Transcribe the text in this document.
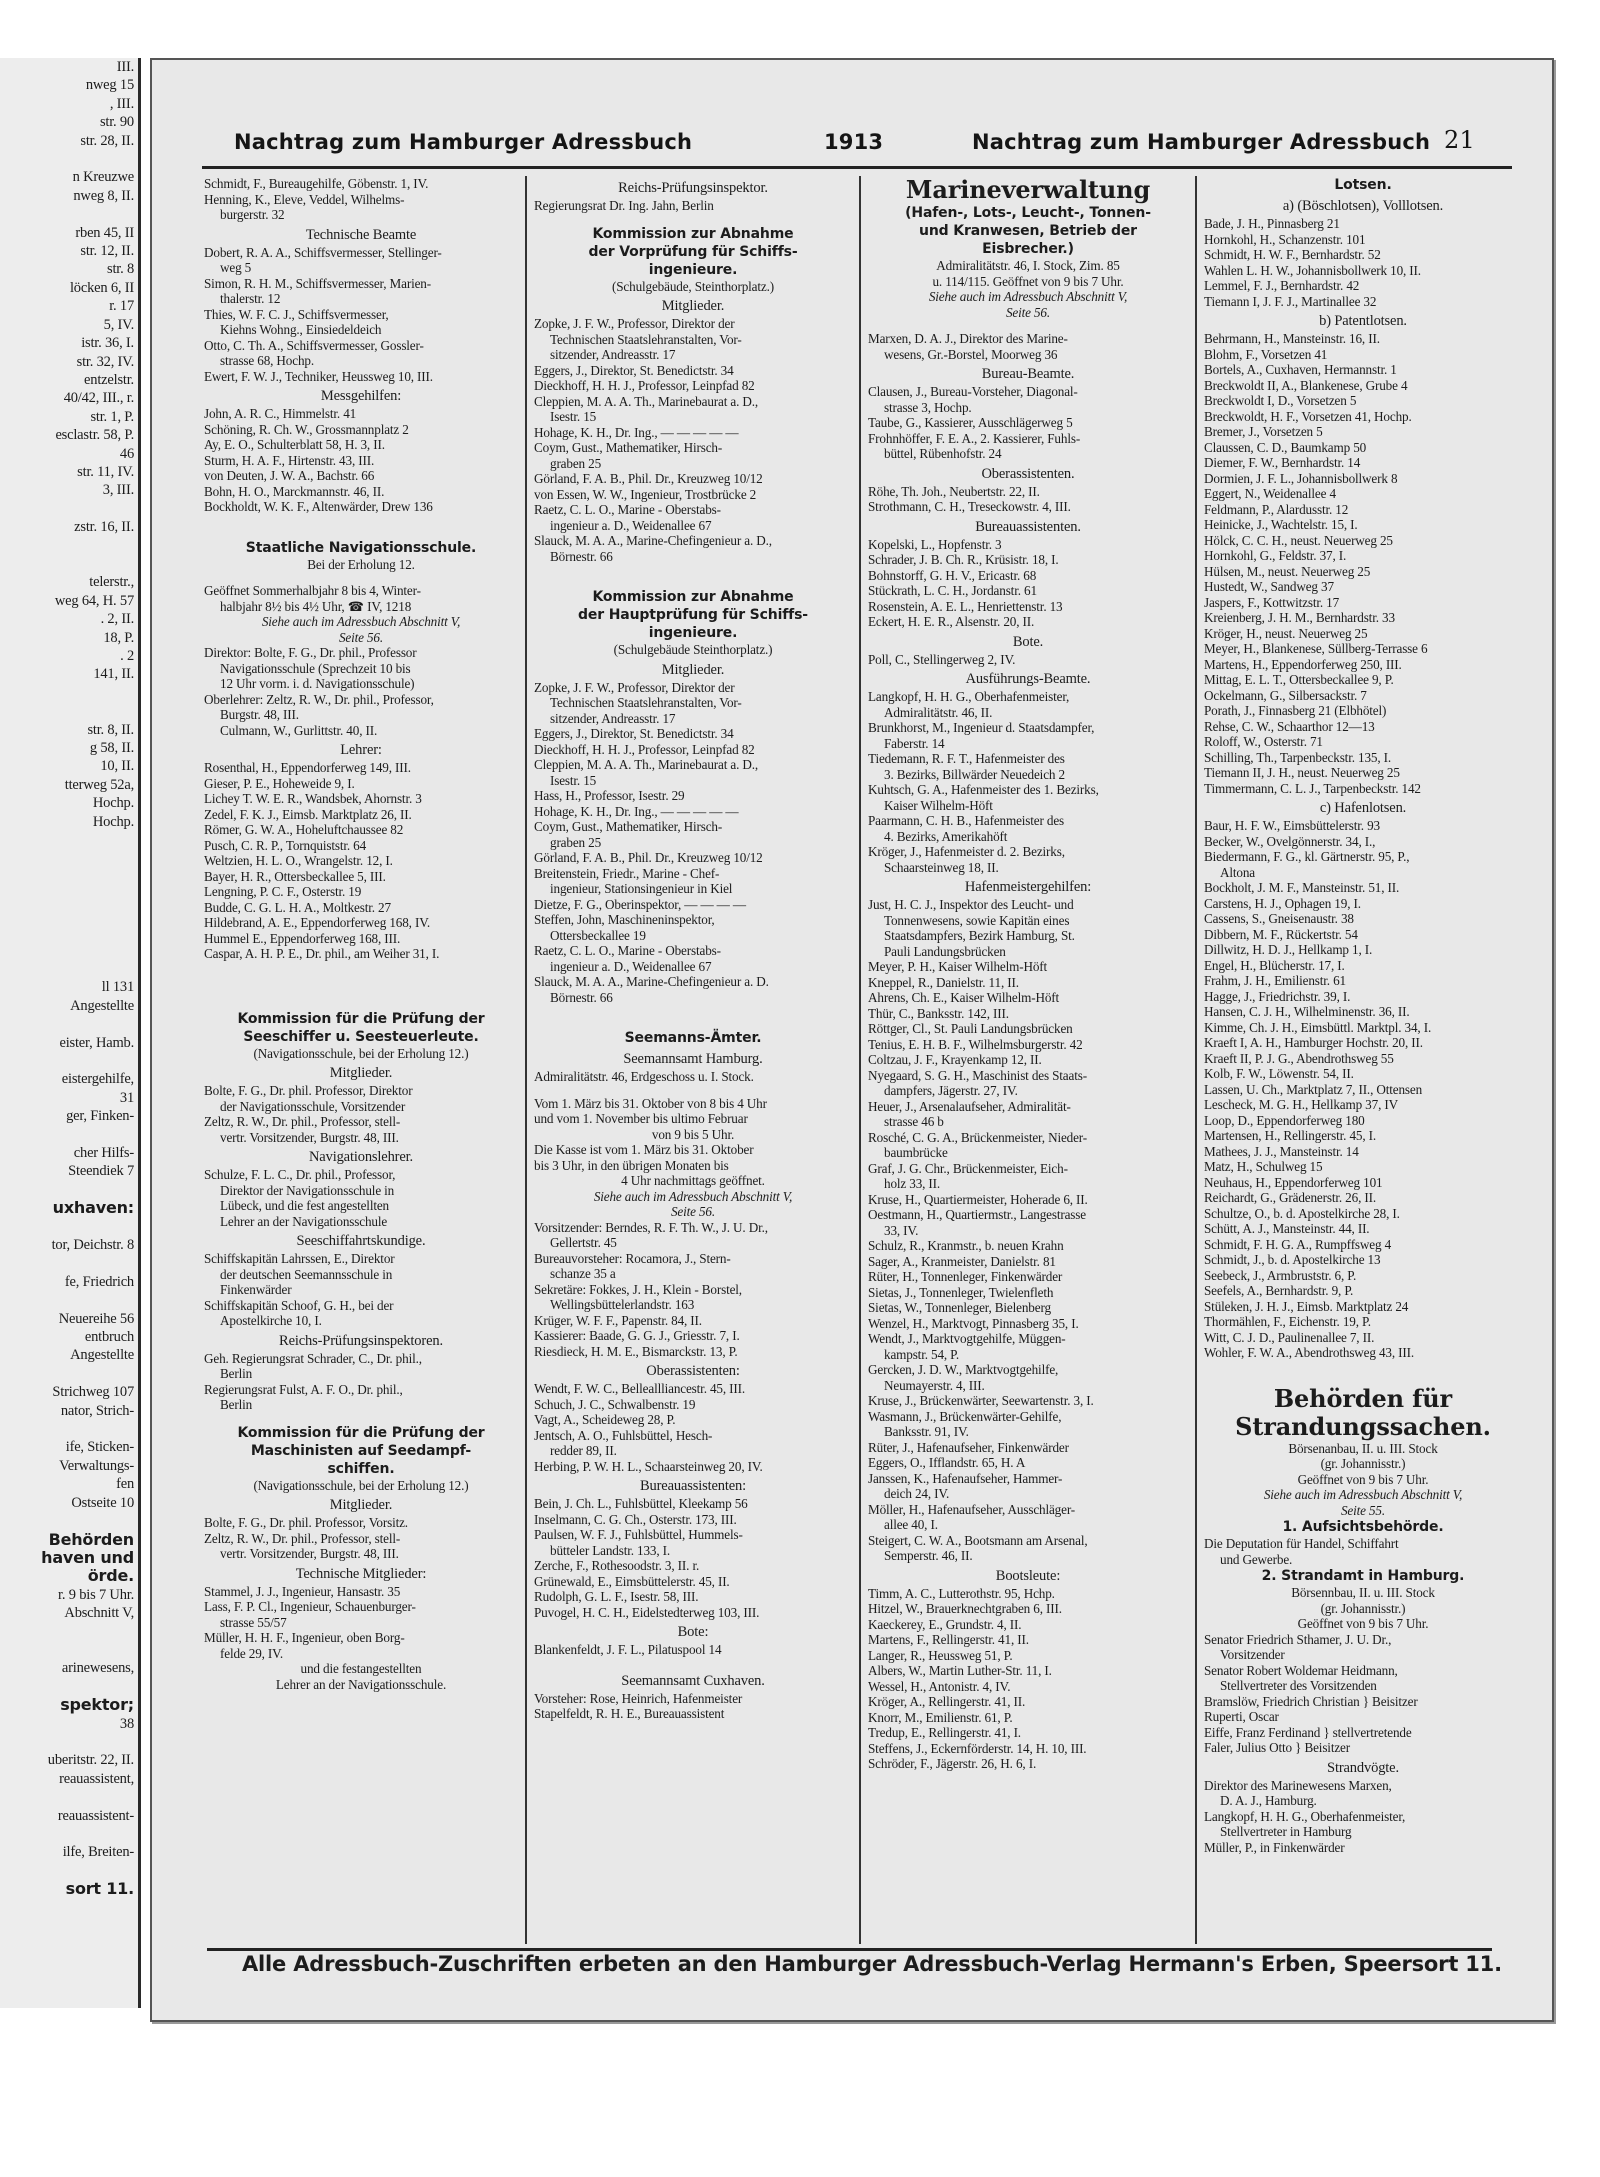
III.
nweg 15
, III.
str. 90
str. 28, II.

n Kreuzwe
nweg 8, II.

rben 45, II
str. 12, II.
str. 8
löcken 6, II
r. 17
5, IV.
istr. 36, I.
str. 32, IV.
entzelstr.
40/42, III., r.
str. 1, P.
esclastr. 58, P.
46
str. 11, IV.
3, III.

zstr. 16, II.

telerstr.,
weg 64, H. 57
. 2, II.
18, P.
. 2
141, II.

str. 8, II.
g 58, II.
10, II.
tterweg 52a,
Hochp.
Hochp.

ll 131
Angestellte

eister, Hamb.

eistergehilfe,
31
ger, Finken-

cher Hilfs-
Steendiek 7

uxhaven:

tor, Deichstr. 8

fe, Friedrich

Neuereihe 56
entbruch
Angestellte

Strichweg 107
nator, Strich-

ife, Sticken-
Verwaltungs-
fen
Ostseite 10

Behörden
haven und
örde.
r. 9 bis 7 Uhr.
Abschnitt V,

arinewesens,

spektor;
38

uberitstr. 22, II.
reauassistent,

reauassistent-

ilfe, Breiten-

sort 11.
Nachtrag zum Hamburger Adressbuch	1913	Nachtrag zum Hamburger Adressbuch 21
Schmidt, F., Bureaugehilfe, Göbenstr. 1, IV.
Henning, K., Eleve, Veddel, Wilhelms-
burgerstr. 32
Technische Beamte
Dobert, R. A. A., Schiffsvermesser, Stellinger-
weg 5
Simon, R. H. M., Schiffsvermesser, Marien-
thalerstr. 12
Thies, W. F. C. J., Schiffsvermesser,
Kiehns Wohng., Einsiedeldeich
Otto, C. Th. A., Schiffsvermesser, Gossler-
strasse 68, Hochp.
Ewert, F. W. J., Techniker, Heussweg 10, III.
Messgehilfen:
John, A. R. C., Himmelstr. 41
Schöning, R. Ch. W., Grossmannplatz 2
Ay, E. O., Schulterblatt 58, H. 3, II.
Sturm, H. A. F., Hirtenstr. 43, III.
von Deuten, J. W. A., Bachstr. 66
Bohn, H. O., Marckmannstr. 46, II.
Bockholdt, W. K. F., Altenwärder, Drew 136
Staatliche Navigationsschule.
Bei der Erholung 12.
Geöffnet Sommerhalbjahr 8 bis 4, Winter-
halbjahr 8½ bis 4½ Uhr, ☎ IV, 1218
Siehe auch im Adressbuch Abschnitt V,
Seite 56.
Direktor: Bolte, F. G., Dr. phil., Professor
Navigationsschule (Sprechzeit 10 bis
12 Uhr vorm. i. d. Navigationsschule)
Oberlehrer: Zeltz, R. W., Dr. phil., Professor,
Burgstr. 48, III.
Culmann, W., Gurlittstr. 40, II.
Lehrer:
Rosenthal, H., Eppendorferweg 149, III.
Gieser, P. E., Hoheweide 9, I.
Lichey T. W. E. R., Wandsbek, Ahornstr. 3
Zedel, F. K. J., Eimsb. Marktplatz 26, II.
Römer, G. W. A., Hoheluftchaussee 82
Pusch, C. R. P., Tornquiststr. 64
Weltzien, H. L. O., Wrangelstr. 12, I.
Bayer, H. R., Ottersbeckallee 5, III.
Lengning, P. C. F., Osterstr. 19
Budde, C. G. L. H. A., Moltkestr. 27
Hildebrand, A. E., Eppendorferweg 168, IV.
Hummel E., Eppendorferweg 168, III.
Caspar, A. H. P. E., Dr. phil., am Weiher 31, I.
Kommission für die Prüfung der
Seeschiffer u. Seesteuerleute.
(Navigationsschule, bei der Erholung 12.)
Mitglieder.
Bolte, F. G., Dr. phil. Professor, Direktor
der Navigationsschule, Vorsitzender
Zeltz, R. W., Dr. phil., Professor, stell-
vertr. Vorsitzender, Burgstr. 48, III.
Navigationslehrer.
Schulze, F. L. C., Dr. phil., Professor,
Direktor der Navigationsschule in
Lübeck, und die fest angestellten
Lehrer an der Navigationsschule
Seeschiffahrtskundige.
Schiffskapitän Lahrssen, E., Direktor
der deutschen Seemannsschule in
Finkenwärder
Schiffskapitän Schoof, G. H., bei der
Apostelkirche 10, I.
Reichs-Prüfungsinspektoren.
Geh. Regierungsrat Schrader, C., Dr. phil.,
Berlin
Regierungsrat Fulst, A. F. O., Dr. phil.,
Berlin
Kommission für die Prüfung der
Maschinisten auf Seedampf-
schiffen.
(Navigationsschule, bei der Erholung 12.)
Mitglieder.
Bolte, F. G., Dr. phil. Professor, Vorsitz.
Zeltz, R. W., Dr. phil., Professor, stell-
vertr. Vorsitzender, Burgstr. 48, III.
Technische Mitglieder:
Stammel, J. J., Ingenieur, Hansastr. 35
Lass, F. P. Cl., Ingenieur, Schauenburger-
strasse 55/57
Müller, H. H. F., Ingenieur, oben Borg-
felde 29, IV.
und die festangestellten
Lehrer an der Navigationsschule.
Reichs-Prüfungsinspektor.
Regierungsrat Dr. Ing. Jahn, Berlin
Kommission zur Abnahme
der Vorprüfung für Schiffs-
ingenieure.
(Schulgebäude, Steinthorplatz.)
Mitglieder.
Zopke, J. F. W., Professor, Direktor der
Technischen Staatslehranstalten, Vor-
sitzender, Andreasstr. 17
Eggers, J., Direktor, St. Benedictstr. 34
Dieckhoff, H. H. J., Professor, Leinpfad 82
Cleppien, M. A. A. Th., Marinebaurat a. D.,
Isestr. 15
Hohage, K. H., Dr. Ing., — — — — —
Coym, Gust., Mathematiker, Hirsch-
graben 25
Görland, F. A. B., Phil. Dr., Kreuzweg 10/12
von Essen, W. W., Ingenieur, Trostbrücke 2
Raetz, C. L. O., Marine - Oberstabs-
ingenieur a. D., Weidenallee 67
Slauck, M. A. A., Marine-Chefingenieur a. D.,
Börnestr. 66
Kommission zur Abnahme
der Hauptprüfung für Schiffs-
ingenieure.
(Schulgebäude Steinthorplatz.)
Mitglieder.
Zopke, J. F. W., Professor, Direktor der
Technischen Staatslehranstalten, Vor-
sitzender, Andreasstr. 17
Eggers, J., Direktor, St. Benedictstr. 34
Dieckhoff, H. H. J., Professor, Leinpfad 82
Cleppien, M. A. A. Th., Marinebaurat a. D.,
Isestr. 15
Hass, H., Professor, Isestr. 29
Hohage, K. H., Dr. Ing., — — — — —
Coym, Gust., Mathematiker, Hirsch-
graben 25
Görland, F. A. B., Phil. Dr., Kreuzweg 10/12
Breitenstein, Friedr., Marine - Chef-
ingenieur, Stationsingenieur in Kiel
Dietze, F. G., Oberinspektor, — — — —
Steffen, John, Maschineninspektor,
Ottersbeckallee 19
Raetz, C. L. O., Marine - Oberstabs-
ingenieur a. D., Weidenallee 67
Slauck, M. A. A., Marine-Chefingenieur a. D.
Börnestr. 66
Seemanns-Ämter.
Seemannsamt Hamburg.
Admiralitätstr. 46, Erdgeschoss u. I. Stock.
Vom 1. März bis 31. Oktober von 8 bis 4 Uhr
und vom 1. November bis ultimo Februar
von 9 bis 5 Uhr.
Die Kasse ist vom 1. März bis 31. Oktober
bis 3 Uhr, in den übrigen Monaten bis
4 Uhr nachmittags geöffnet.
Siehe auch im Adressbuch Abschnitt V,
Seite 56.
Vorsitzender: Berndes, R. F. Th. W., J. U. Dr.,
Gellertstr. 45
Bureauvorsteher: Rocamora, J., Stern-
schanze 35 a
Sekretäre: Fokkes, J. H., Klein - Borstel,
Wellingsbüttelerlandstr. 163
Krüger, W. F. F., Papenstr. 84, II.
Kassierer: Baade, G. G. J., Griesstr. 7, I.
Riesdieck, H. M. E., Bismarckstr. 13, P.
Oberassistenten:
Wendt, F. W. C., Belleallliancestr. 45, III.
Schuch, J. C., Schwalbenstr. 19
Vagt, A., Scheideweg 28, P.
Jentsch, A. O., Fuhlsbüttel, Hesch-
redder 89, II.
Herbing, P. W. H. L., Schaarsteinweg 20, IV.
Bureauassistenten:
Bein, J. Ch. L., Fuhlsbüttel, Kleekamp 56
Inselmann, C. G. Ch., Osterstr. 173, III.
Paulsen, W. F. J., Fuhlsbüttel, Hummels-
bütteler Landstr. 133, I.
Zerche, F., Rothesoodstr. 3, II. r.
Grünewald, E., Eimsbüttelerstr. 45, II.
Rudolph, G. L. F., Isestr. 58, III.
Puvogel, H. C. H., Eidelstedterweg 103, III.
Bote:
Blankenfeldt, J. F. L., Pilatuspool 14
Seemannsamt Cuxhaven.
Vorsteher: Rose, Heinrich, Hafenmeister
Stapelfeldt, R. H. E., Bureauassistent
Marineverwaltung
(Hafen-, Lots-, Leucht-, Tonnen-
und Kranwesen, Betrieb der
Eisbrecher.)
Admiralitätstr. 46, I. Stock, Zim. 85
u. 114/115. Geöffnet von 9 bis 7 Uhr.
Siehe auch im Adressbuch Abschnitt V,
Seite 56.
Marxen, D. A. J., Direktor des Marine-
wesens, Gr.-Borstel, Moorweg 36
Bureau-Beamte.
Clausen, J., Bureau-Vorsteher, Diagonal-
strasse 3, Hochp.
Taube, G., Kassierer, Ausschlägerweg 5
Frohnhöffer, F. E. A., 2. Kassierer, Fuhls-
büttel, Rübenhofstr. 24
Oberassistenten.
Röhe, Th. Joh., Neubertstr. 22, II.
Strothmann, C. H., Treseckowstr. 4, III.
Bureauassistenten.
Kopelski, L., Hopfenstr. 3
Schrader, J. B. Ch. R., Krüsistr. 18, I.
Bohnstorff, G. H. V., Ericastr. 68
Stückrath, L. C. H., Jordanstr. 61
Rosenstein, A. E. L., Henriettenstr. 13
Eckert, H. E. R., Alsenstr. 20, II.
Bote.
Poll, C., Stellingerweg 2, IV.
Ausführungs-Beamte.
Langkopf, H. H. G., Oberhafenmeister,
Admiralitätstr. 46, II.
Brunkhorst, M., Ingenieur d. Staatsdampfer,
Faberstr. 14
Tiedemann, R. F. T., Hafenmeister des
3. Bezirks, Billwärder Neuedeich 2
Kuhtsch, G. A., Hafenmeister des 1. Bezirks,
Kaiser Wilhelm-Höft
Paarmann, C. H. B., Hafenmeister des
4. Bezirks, Amerikahöft
Kröger, J., Hafenmeister d. 2. Bezirks,
Schaarsteinweg 18, II.
Hafenmeistergehilfen:
Just, H. C. J., Inspektor des Leucht- und
Tonnenwesens, sowie Kapitän eines
Staatsdampfers, Bezirk Hamburg, St.
Pauli Landungsbrücken
Meyer, P. H., Kaiser Wilhelm-Höft
Kneppel, R., Danielstr. 11, II.
Ahrens, Ch. E., Kaiser Wilhelm-Höft
Thür, C., Banksstr. 142, III.
Röttger, Cl., St. Pauli Landungsbrücken
Tenius, E. H. B. F., Wilhelmsburgerstr. 42
Coltzau, J. F., Krayenkamp 12, II.
Nyegaard, S. G. H., Maschinist des Staats-
dampfers, Jägerstr. 27, IV.
Heuer, J., Arsenalaufseher, Admiralität-
strasse 46 b
Rosché, C. G. A., Brückenmeister, Nieder-
baumbrücke
Graf, J. G. Chr., Brückenmeister, Eich-
holz 33, II.
Kruse, H., Quartiermeister, Hoherade 6, II.
Oestmann, H., Quartiermstr., Langestrasse
33, IV.
Schulz, R., Kranmstr., b. neuen Krahn
Sager, A., Kranmeister, Danielstr. 81
Rüter, H., Tonnenleger, Finkenwärder
Sietas, J., Tonnenleger, Twielenfleth
Sietas, W., Tonnenleger, Bielenberg
Wenzel, H., Marktvogt, Pinnasberg 35, I.
Wendt, J., Marktvogtgehilfe, Müggen-
kampstr. 54, P.
Gercken, J. D. W., Marktvogtgehilfe,
Neumayerstr. 4, III.
Kruse, J., Brückenwärter, Seewartenstr. 3, I.
Wasmann, J., Brückenwärter-Gehilfe,
Banksstr. 91, IV.
Rüter, J., Hafenaufseher, Finkenwärder
Eggers, O., Ifflandstr. 65, H. A
Janssen, K., Hafenaufseher, Hammer-
deich 24, IV.
Möller, H., Hafenaufseher, Ausschläger-
allee 40, I.
Steigert, C. W. A., Bootsmann am Arsenal,
Semperstr. 46, II.
Bootsleute:
Timm, A. C., Lutterothstr. 95, Hchp.
Hitzel, W., Brauerknechtgraben 6, III.
Kaeckerey, E., Grundstr. 4, II.
Martens, F., Rellingerstr. 41, II.
Langer, R., Heussweg 51, P.
Albers, W., Martin Luther-Str. 11, I.
Wessel, H., Antonistr. 4, IV.
Kröger, A., Rellingerstr. 41, II.
Knorr, M., Emilienstr. 61, P.
Tredup, E., Rellingerstr. 41, I.
Steffens, J., Eckernförderstr. 14, H. 10, III.
Schröder, F., Jägerstr. 26, H. 6, I.
Lotsen.
a) (Böschlotsen), Volllotsen.
Bade, J. H., Pinnasberg 21
Hornkohl, H., Schanzenstr. 101
Schmidt, H. W. F., Bernhardstr. 52
Wahlen L. H. W., Johannisbollwerk 10, II.
Lemmel, F. J., Bernhardstr. 42
Tiemann I, J. F. J., Martinallee 32
b) Patentlotsen.
Behrmann, H., Mansteinstr. 16, II.
Blohm, F., Vorsetzen 41
Bortels, A., Cuxhaven, Hermannstr. 1
Breckwoldt II, A., Blankenese, Grube 4
Breckwoldt I, D., Vorsetzen 5
Breckwoldt, H. F., Vorsetzen 41, Hochp.
Bremer, J., Vorsetzen 5
Claussen, C. D., Baumkamp 50
Diemer, F. W., Bernhardstr. 14
Dormien, J. F. L., Johannisbollwerk 8
Eggert, N., Weidenallee 4
Feldmann, P., Alardusstr. 12
Heinicke, J., Wachtelstr. 15, I.
Hölck, C. C. H., neust. Neuerweg 25
Hornkohl, G., Feldstr. 37, I.
Hülsen, M., neust. Neuerweg 25
Hustedt, W., Sandweg 37
Jaspers, F., Kottwitzstr. 17
Kreienberg, J. H. M., Bernhardstr. 33
Kröger, H., neust. Neuerweg 25
Meyer, H., Blankenese, Süllberg-Terrasse 6
Martens, H., Eppendorferweg 250, III.
Mittag, E. L. T., Ottersbeckallee 9, P.
Ockelmann, G., Silbersackstr. 7
Porath, J., Finnasberg 21 (Elbhötel)
Rehse, C. W., Schaarthor 12—13
Roloff, W., Osterstr. 71
Schilling, Th., Tarpenbeckstr. 135, I.
Tiemann II, J. H., neust. Neuerweg 25
Timmermann, C. L. J., Tarpenbeckstr. 142
c) Hafenlotsen.
Baur, H. F. W., Eimsbüttelerstr. 93
Becker, W., Ovelgönnerstr. 34, I.,
Biedermann, F. G., kl. Gärtnerstr. 95, P.,
Altona
Bockholt, J. M. F., Mansteinstr. 51, II.
Carstens, H. J., Ophagen 19, I.
Cassens, S., Gneisenaustr. 38
Dibbern, M. F., Rückertstr. 54
Dillwitz, H. D. J., Hellkamp 1, I.
Engel, H., Blücherstr. 17, I.
Frahm, J. H., Emilienstr. 61
Hagge, J., Friedrichstr. 39, I.
Hansen, C. J. H., Wilhelminenstr. 36, II.
Kimme, Ch. J. H., Eimsbüttl. Marktpl. 34, I.
Kraeft I, A. H., Hamburger Hochstr. 20, II.
Kraeft II, P. J. G., Abendrothsweg 55
Kolb, F. W., Löwenstr. 54, II.
Lassen, U. Ch., Marktplatz 7, II., Ottensen
Lescheck, M. G. H., Hellkamp 37, IV
Loop, D., Eppendorferweg 180
Martensen, H., Rellingerstr. 45, I.
Mathees, J. J., Mansteinstr. 14
Matz, H., Schulweg 15
Neuhaus, H., Eppendorferweg 101
Reichardt, G., Grädenerstr. 26, II.
Schultze, O., b. d. Apostelkirche 28, I.
Schütt, A. J., Mansteinstr. 44, II.
Schmidt, F. H. G. A., Rumpffsweg 4
Schmidt, J., b. d. Apostelkirche 13
Seebeck, J., Armbruststr. 6, P.
Seefels, A., Bernhardstr. 9, P.
Stüleken, J. H. J., Eimsb. Marktplatz 24
Thormählen, F., Eichenstr. 19, P.
Witt, C. J. D., Paulinenallee 7, II.
Wohler, F. W. A., Abendrothsweg 43, III.
Behörden für
Strandungssachen.
Börsenanbau, II. u. III. Stock
(gr. Johannisstr.)
Geöffnet von 9 bis 7 Uhr.
Siehe auch im Adressbuch Abschnitt V,
Seite 55.
1. Aufsichtsbehörde.
Die Deputation für Handel, Schiffahrt
und Gewerbe.
2. Strandamt in Hamburg.
Börsennbau, II. u. III. Stock
(gr. Johannisstr.)
Geöffnet von 9 bis 7 Uhr.
Senator Friedrich Sthamer, J. U. Dr.,
Vorsitzender
Senator Robert Woldemar Heidmann,
Stellvertreter des Vorsitzenden
Bramslöw, Friedrich Christian } Beisitzer
Ruperti, Oscar
Eiffe, Franz Ferdinand } stellvertretende
Faler, Julius Otto } Beisitzer
Strandvögte.
Direktor des Marinewesens Marxen,
D. A. J., Hamburg.
Langkopf, H. H. G., Oberhafenmeister,
Stellvertreter in Hamburg
Müller, P., in Finkenwärder
Alle Adressbuch-Zuschriften erbeten an den Hamburger Adressbuch-Verlag Hermann's Erben, Speersort 11.
